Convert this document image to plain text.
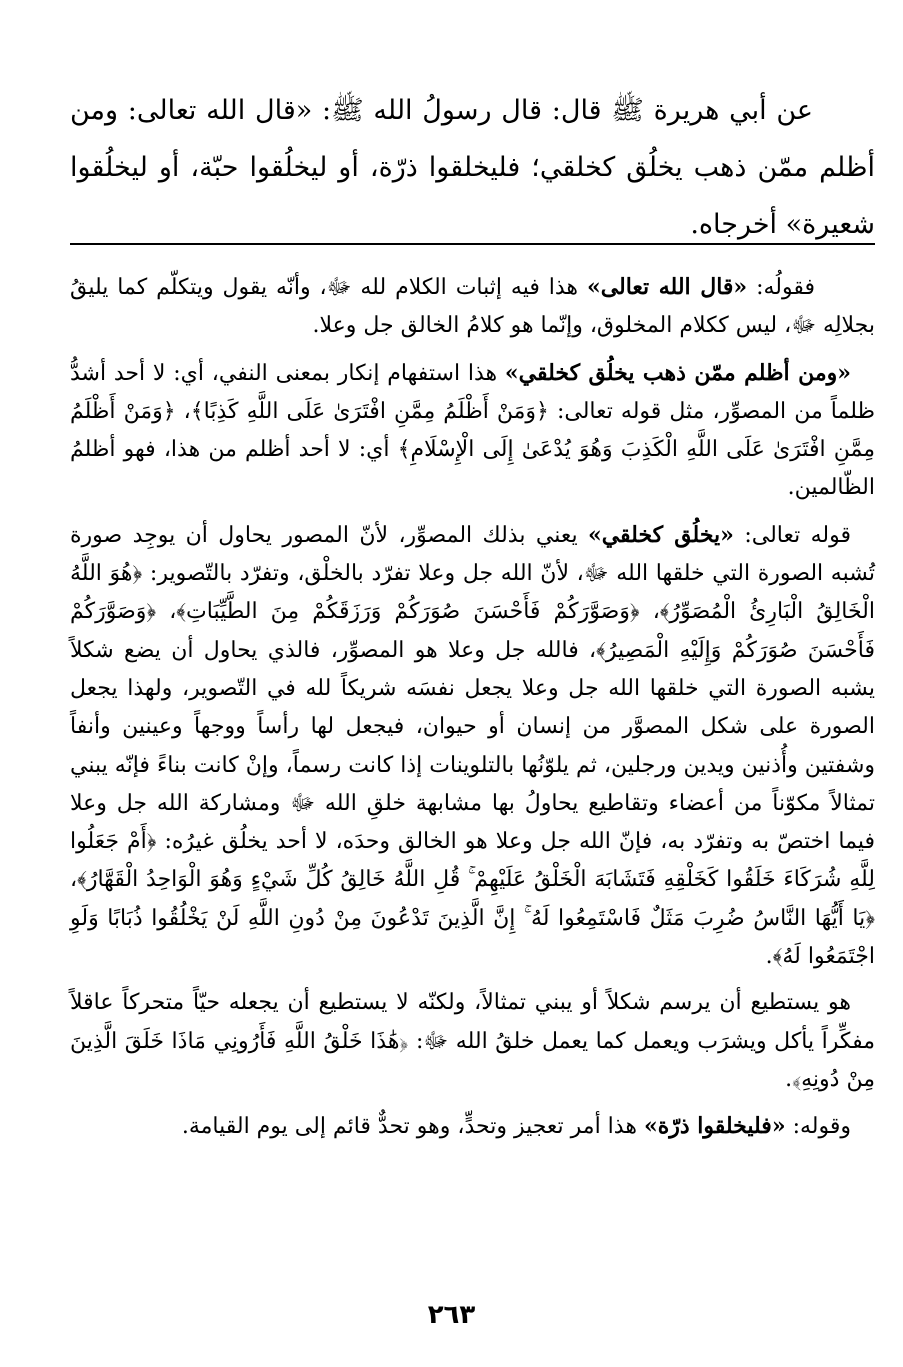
عن أبي هريرة ﷺ قال: قال رسولُ الله ﷺ: «قال الله تعالى: ومن أظلم ممّن ذهب يخلُق كخلقي؛ فليخلقوا ذرّة، أو ليخلُقوا حبّة، أو ليخلُقوا شعيرة» أخرجاه.

فقولُه: «قال الله تعالى» هذا فيه إثبات الكلام لله ﷻ، وأنّه يقول ويتكلّم كما يليقُ بجلالِه ﷻ، ليس ككلام المخلوق، وإنّما هو كلامُ الخالق جل وعلا.

«ومن أظلم ممّن ذهب يخلُق كخلقي» هذا استفهام إنكار بمعنى النفي، أي: لا أحد أشدُّ ظلماً من المصوِّر، مثل قوله تعالى: ﴿وَمَنْ أَظْلَمُ مِمَّنِ افْتَرَىٰ عَلَى اللَّهِ كَذِبًا﴾، ﴿وَمَنْ أَظْلَمُ مِمَّنِ افْتَرَىٰ عَلَى اللَّهِ الْكَذِبَ وَهُوَ يُدْعَىٰ إِلَى الْإِسْلَامِ﴾ أي: لا أحد أظلم من هذا، فهو أظلمُ الظّالمين.

قوله تعالى: «يخلُق كخلقي» يعني بذلك المصوِّر، لأنّ المصور يحاول أن يوجِد صورة تُشبه الصورة التي خلقها الله ﷻ، لأنّ الله جل وعلا تفرّد بالخلْق، وتفرّد بالتّصوير: ﴿هُوَ اللَّهُ الْخَالِقُ الْبَارِئُ الْمُصَوِّرُ﴾، ﴿وَصَوَّرَكُمْ فَأَحْسَنَ صُوَرَكُمْ وَرَزَقَكُمْ مِنَ الطَّيِّبَاتِ﴾، ﴿وَصَوَّرَكُمْ فَأَحْسَنَ صُوَرَكُمْ وَإِلَيْهِ الْمَصِيرُ﴾، فالله جل وعلا هو المصوِّر، فالذي يحاول أن يضع شكلاً يشبه الصورة التي خلقها الله جل وعلا يجعل نفسَه شريكاً لله في التّصوير، ولهذا يجعل الصورة على شكل المصوَّر من إنسان أو حيوان، فيجعل لها رأساً ووجهاً وعينين وأنفاً وشفتين وأُذنين ويدين ورجلين، ثم يلوّنُها بالتلوينات إذا كانت رسماً، وإنْ كانت بناءً فإنّه يبني تمثالاً مكوّناً من أعضاء وتقاطيع يحاولُ بها مشابهة خلقِ الله ﷻ ومشاركة الله جل وعلا فيما اختصّ به وتفرّد به، فإنّ الله جل وعلا هو الخالق وحدَه، لا أحد يخلُق غيرُه: ﴿أَمْ جَعَلُوا لِلَّهِ شُرَكَاءَ خَلَقُوا كَخَلْقِهِ فَتَشَابَهَ الْخَلْقُ عَلَيْهِمْ ۚ قُلِ اللَّهُ خَالِقُ كُلِّ شَيْءٍ وَهُوَ الْوَاحِدُ الْقَهَّارُ﴾، ﴿يَا أَيُّهَا النَّاسُ ضُرِبَ مَثَلٌ فَاسْتَمِعُوا لَهُ ۚ إِنَّ الَّذِينَ تَدْعُونَ مِنْ دُونِ اللَّهِ لَنْ يَخْلُقُوا ذُبَابًا وَلَوِ اجْتَمَعُوا لَهُ﴾.

هو يستطيع أن يرسم شكلاً أو يبني تمثالاً، ولكنّه لا يستطيع أن يجعله حيّاً متحركاً عاقلاً مفكِّراً يأكل ويشرَب ويعمل كما يعمل خلقُ الله ﷻ: ﴿هَٰذَا خَلْقُ اللَّهِ فَأَرُونِي مَاذَا خَلَقَ الَّذِينَ مِنْ دُونِهِ﴾.

وقوله: «فليخلقوا ذرّة» هذا أمر تعجيز وتحدٍّ، وهو تحدٌّ قائم إلى يوم القيامة.

٢٦٣
